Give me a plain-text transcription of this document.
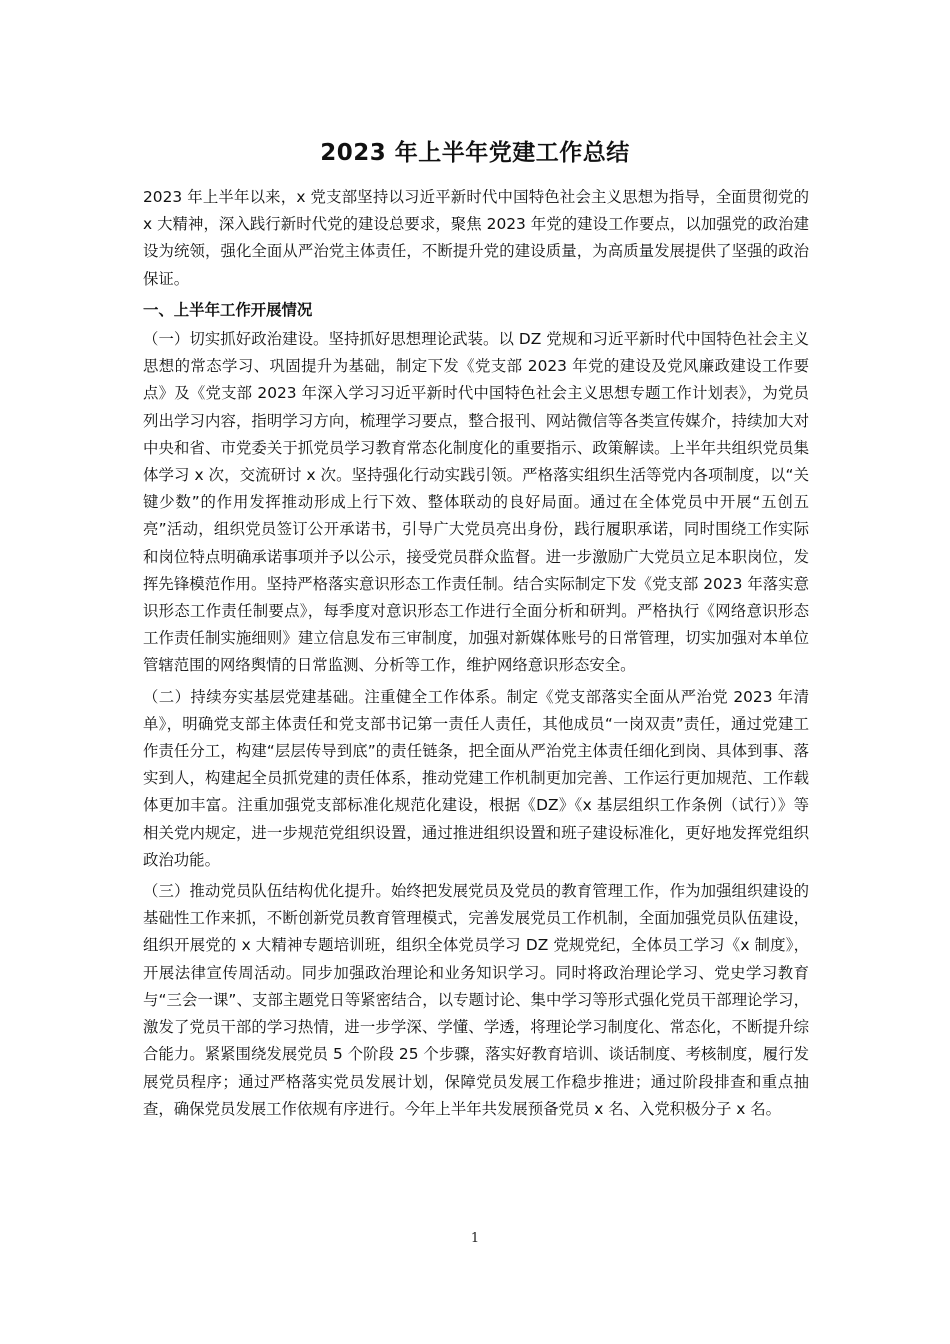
2023 年上半年党建工作总结

2023 年上半年以来，x 党支部坚持以习近平新时代中国特色社会主义思想为指导，全面贯彻党的 x 大精神，深入践行新时代党的建设总要求，聚焦 2023 年党的建设工作要点，以加强党的政治建设为统领，强化全面从严治党主体责任，不断提升党的建设质量，为高质量发展提供了坚强的政治保证。

一、上半年工作开展情况

（一）切实抓好政治建设。坚持抓好思想理论武装。以 DZ 党规和习近平新时代中国特色社会主义思想的常态学习、巩固提升为基础，制定下发《党支部 2023 年党的建设及党风廉政建设工作要点》及《党支部 2023 年深入学习习近平新时代中国特色社会主义思想专题工作计划表》，为党员列出学习内容，指明学习方向，梳理学习要点，整合报刊、网站微信等各类宣传媒介，持续加大对中央和省、市党委关于抓党员学习教育常态化制度化的重要指示、政策解读。上半年共组织党员集体学习 x 次，交流研讨 x 次。坚持强化行动实践引领。严格落实组织生活等党内各项制度，以“关键少数”的作用发挥推动形成上行下效、整体联动的良好局面。通过在全体党员中开展“五创五亮”活动，组织党员签订公开承诺书，引导广大党员亮出身份，践行履职承诺，同时围绕工作实际和岗位特点明确承诺事项并予以公示，接受党员群众监督。进一步激励广大党员立足本职岗位，发挥先锋模范作用。坚持严格落实意识形态工作责任制。结合实际制定下发《党支部 2023 年落实意识形态工作责任制要点》，每季度对意识形态工作进行全面分析和研判。严格执行《网络意识形态工作责任制实施细则》建立信息发布三审制度，加强对新媒体账号的日常管理，切实加强对本单位管辖范围的网络舆情的日常监测、分析等工作，维护网络意识形态安全。

（二）持续夯实基层党建基础。注重健全工作体系。制定《党支部落实全面从严治党 2023 年清单》，明确党支部主体责任和党支部书记第一责任人责任，其他成员“一岗双责”责任，通过党建工作责任分工，构建“层层传导到底”的责任链条，把全面从严治党主体责任细化到岗、具体到事、落实到人，构建起全员抓党建的责任体系，推动党建工作机制更加完善、工作运行更加规范、工作载体更加丰富。注重加强党支部标准化规范化建设，根据《DZ》《x 基层组织工作条例（试行）》等相关党内规定，进一步规范党组织设置，通过推进组织设置和班子建设标准化，更好地发挥党组织政治功能。

（三）推动党员队伍结构优化提升。始终把发展党员及党员的教育管理工作，作为加强组织建设的基础性工作来抓，不断创新党员教育管理模式，完善发展党员工作机制，全面加强党员队伍建设，组织开展党的 x 大精神专题培训班，组织全体党员学习 DZ 党规党纪，全体员工学习《x 制度》，开展法律宣传周活动。同步加强政治理论和业务知识学习。同时将政治理论学习、党史学习教育与“三会一课”、支部主题党日等紧密结合，以专题讨论、集中学习等形式强化党员干部理论学习，激发了党员干部的学习热情，进一步学深、学懂、学透，将理论学习制度化、常态化，不断提升综合能力。紧紧围绕发展党员 5 个阶段 25 个步骤，落实好教育培训、谈话制度、考核制度，履行发展党员程序；通过严格落实党员发展计划，保障党员发展工作稳步推进；通过阶段排查和重点抽查，确保党员发展工作依规有序进行。今年上半年共发展预备党员 x 名、入党积极分子 x 名。

1
